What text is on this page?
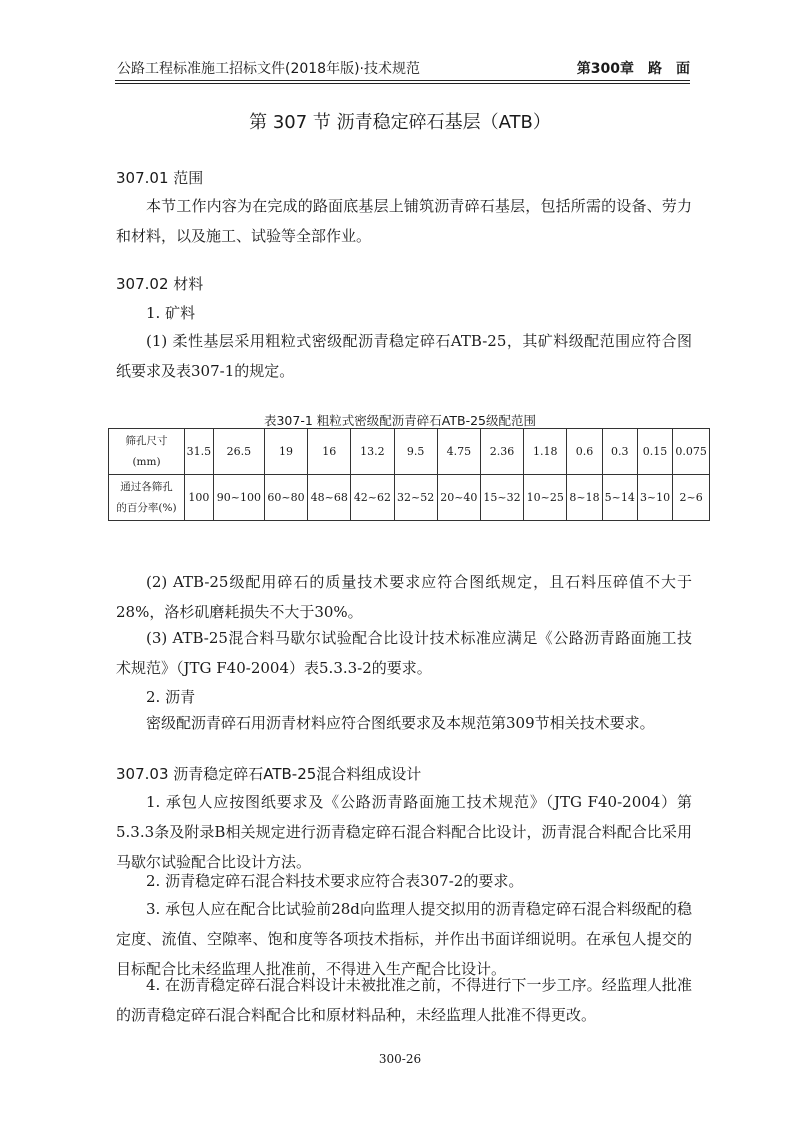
公路工程标准施工招标文件(2018年版)·技术规范	第300章　路　面
第 307 节 沥青稳定碎石基层（ATB）
307.01 范围
本节工作内容为在完成的路面底基层上铺筑沥青碎石基层，包括所需的设备、劳力和材料，以及施工、试验等全部作业。
307.02 材料
1. 矿料
(1) 柔性基层采用粗粒式密级配沥青稳定碎石ATB-25，其矿料级配范围应符合图纸要求及表307-1的规定。
表307-1 粗粒式密级配沥青碎石ATB-25级配范围
筛孔尺寸
(mm)	31.5	26.5	19	16	13.2	9.5	4.75	2.36	1.18	0.6	0.3	0.15	0.075
通过各筛孔
的百分率(%)	100	90~100	60~80	48~68	42~62	32~52	20~40	15~32	10~25	8~18	5~14	3~10	2~6
(2) ATB-25级配用碎石的质量技术要求应符合图纸规定，且石料压碎值不大于28%，洛杉矶磨耗损失不大于30%。
(3) ATB-25混合料马歇尔试验配合比设计技术标准应满足《公路沥青路面施工技术规范》（JTG F40-2004）表5.3.3-2的要求。
2. 沥青
密级配沥青碎石用沥青材料应符合图纸要求及本规范第309节相关技术要求。
307.03 沥青稳定碎石ATB-25混合料组成设计
1. 承包人应按图纸要求及《公路沥青路面施工技术规范》（JTG F40-2004）第5.3.3条及附录B相关规定进行沥青稳定碎石混合料配合比设计，沥青混合料配合比采用马歇尔试验配合比设计方法。
2. 沥青稳定碎石混合料技术要求应符合表307-2的要求。
3. 承包人应在配合比试验前28d向监理人提交拟用的沥青稳定碎石混合料级配的稳定度、流值、空隙率、饱和度等各项技术指标，并作出书面详细说明。在承包人提交的目标配合比未经监理人批准前，不得进入生产配合比设计。
4. 在沥青稳定碎石混合料设计未被批准之前，不得进行下一步工序。经监理人批准的沥青稳定碎石混合料配合比和原材料品种，未经监理人批准不得更改。
300-26
